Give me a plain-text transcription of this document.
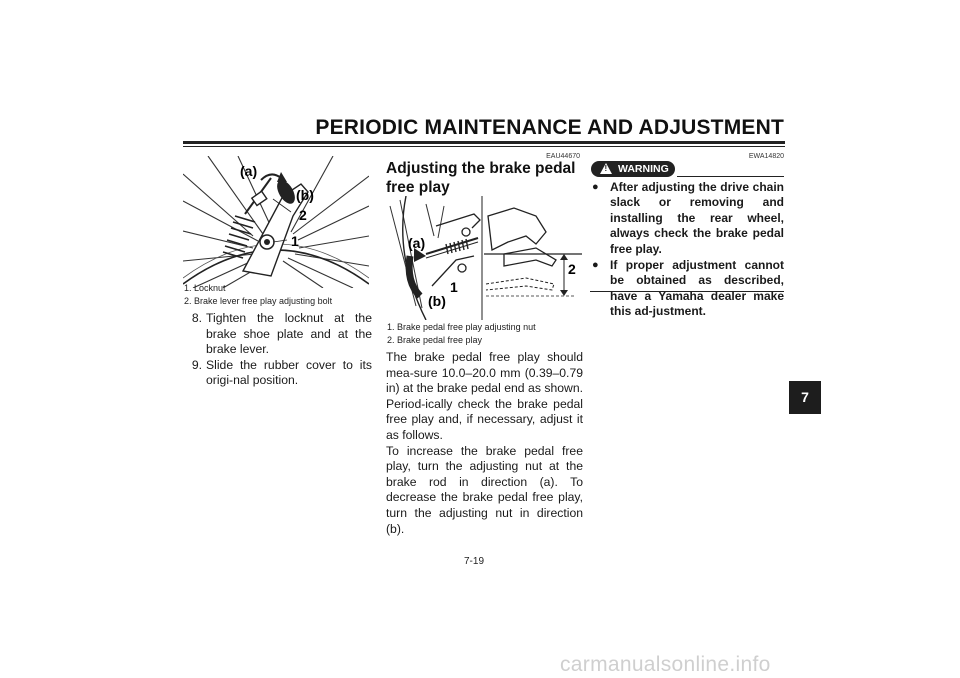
PERIODIC MAINTENANCE AND ADJUSTMENT
(a)
(b)
2
1
1. Locknut
2. Brake lever free play adjusting bolt
8. Tighten the locknut at the brake shoe plate and at the brake lever.
9. Slide the rubber cover to its origi-nal position.
EAU44670
Adjusting the brake pedal free play
(a)
(b)
1
2
1. Brake pedal free play adjusting nut
2. Brake pedal free play
The brake pedal free play should mea-sure 10.0–20.0 mm (0.39–0.79 in) at the brake pedal end as shown. Period-ically check the brake pedal free play and, if necessary, adjust it as follows.
To increase the brake pedal free play, turn the adjusting nut at the brake rod in direction (a). To decrease the brake pedal free play, turn the adjusting nut in direction (b).
EWA14820
! WARNING
● After adjusting the drive chain slack or removing and installing the rear wheel, always check the brake pedal free play.
● If proper adjustment cannot be obtained as described, have a Yamaha dealer make this ad-justment.
7
7-19
carmanualsonline.info
